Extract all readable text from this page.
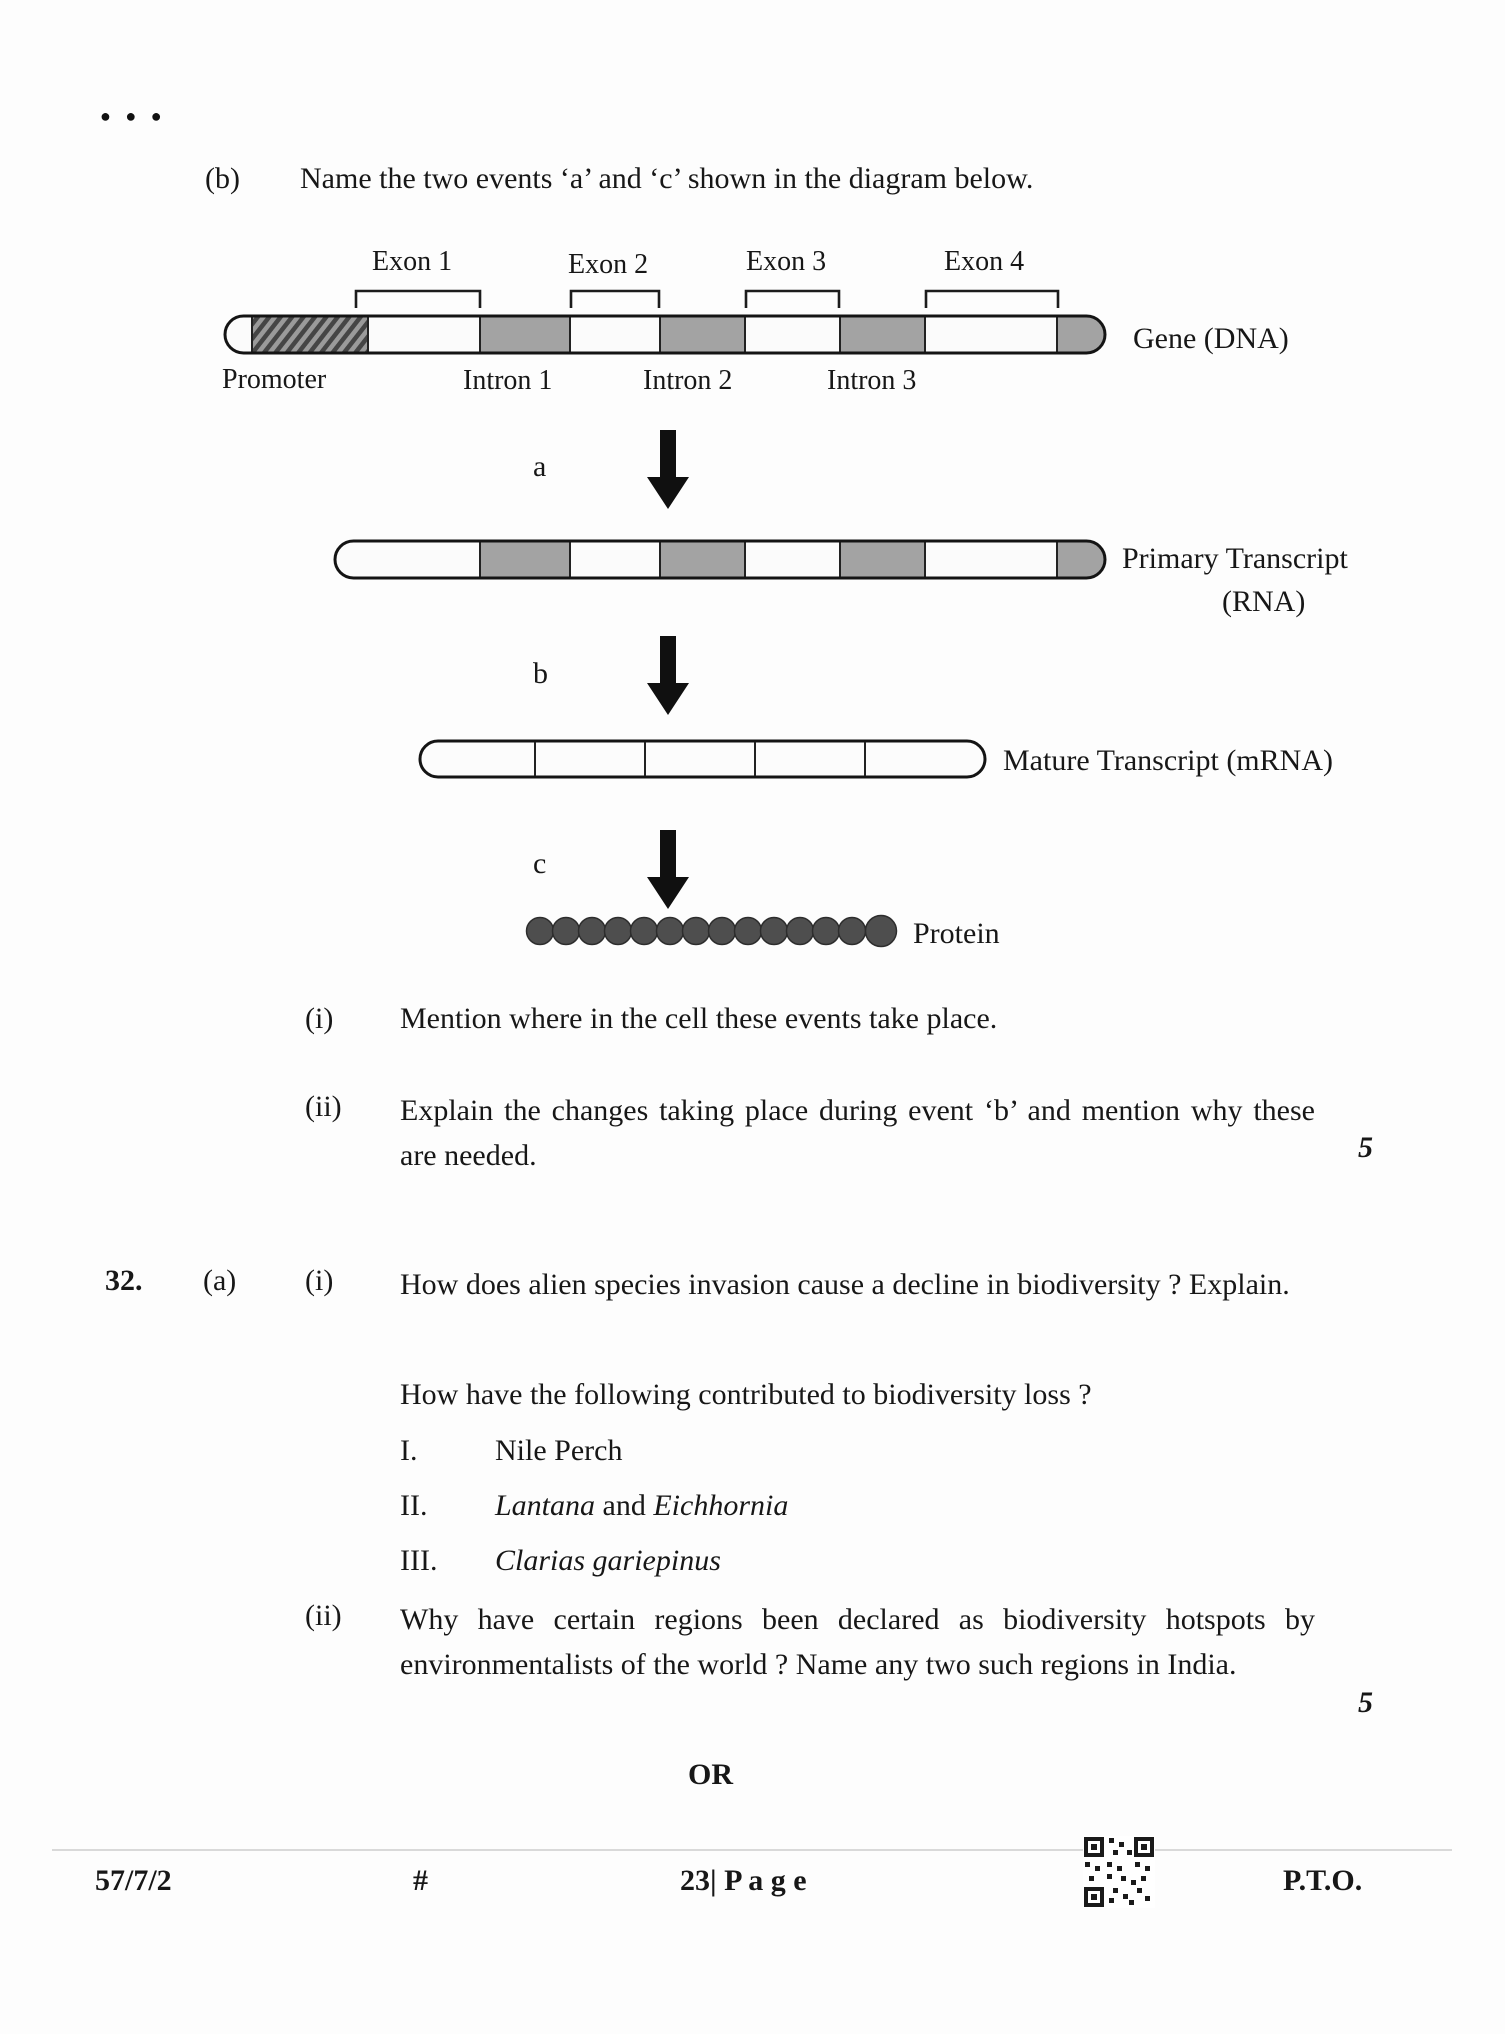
● ● ●
(b) Name the two events ‘a’ and ‘c’ shown in the diagram below.
Exon 1	Exon 2	Exon 3	Exon 4
Gene (DNA)
Promoter	Intron 1	Intron 2	Intron 3
a
Primary Transcript
(RNA)
b
Mature Transcript (mRNA)
c
Protein
(i) Mention where in the cell these events take place.
(ii) Explain the changes taking place during event ‘b’ and mention why these are needed.	5
32. (a) (i) How does alien species invasion cause a decline in biodiversity ? Explain.
How have the following contributed to biodiversity loss ?
I.	Nile Perch
II. Lantana and Eichhornia
III. Clarias gariepinus
(ii) Why have certain regions been declared as biodiversity hotspots by environmentalists of the world ? Name any two such regions in India.
5
OR
57/7/2	#	23| P a g e	P.T.O.
